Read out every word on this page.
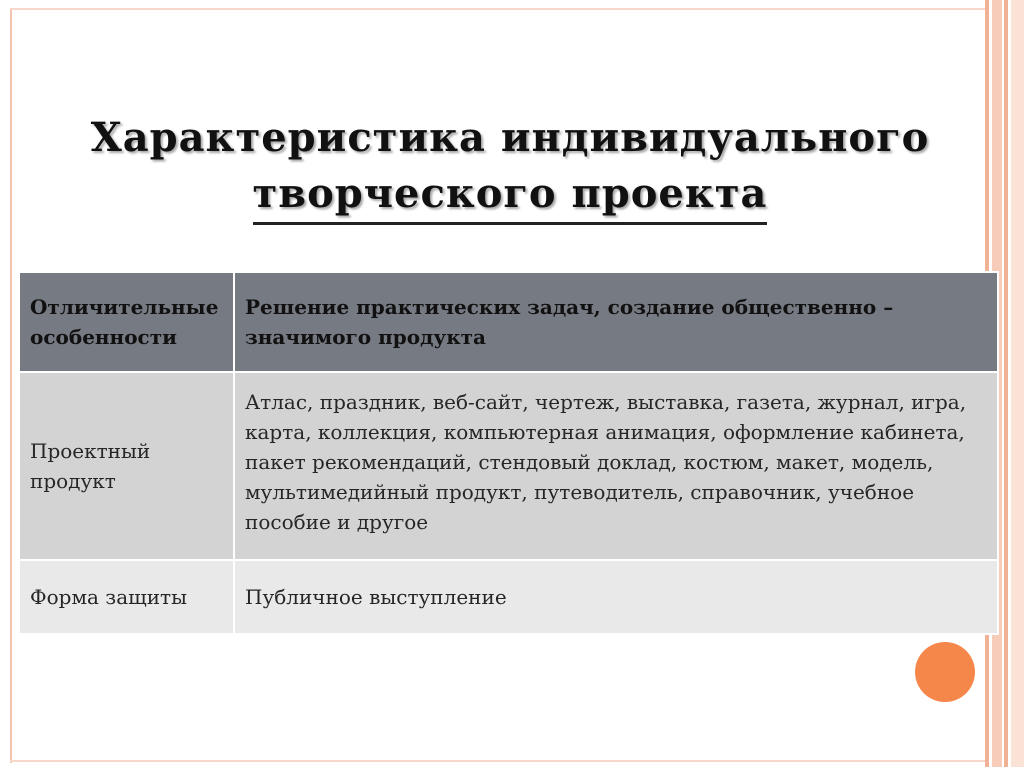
Характеристика индивидуального
творческого проекта
Отличительные особенности	Решение практических задач, создание общественно – значимого продукта
Проектный продукт	Атлас, праздник, веб-сайт, чертеж, выставка, газета, журнал, игра, карта, коллекция, компьютерная анимация, оформление кабинета, пакет рекомендаций, стендовый доклад, костюм, макет, модель, мультимедийный продукт, путеводитель, справочник, учебное пособие и другое
Форма защиты	Публичное выступление
